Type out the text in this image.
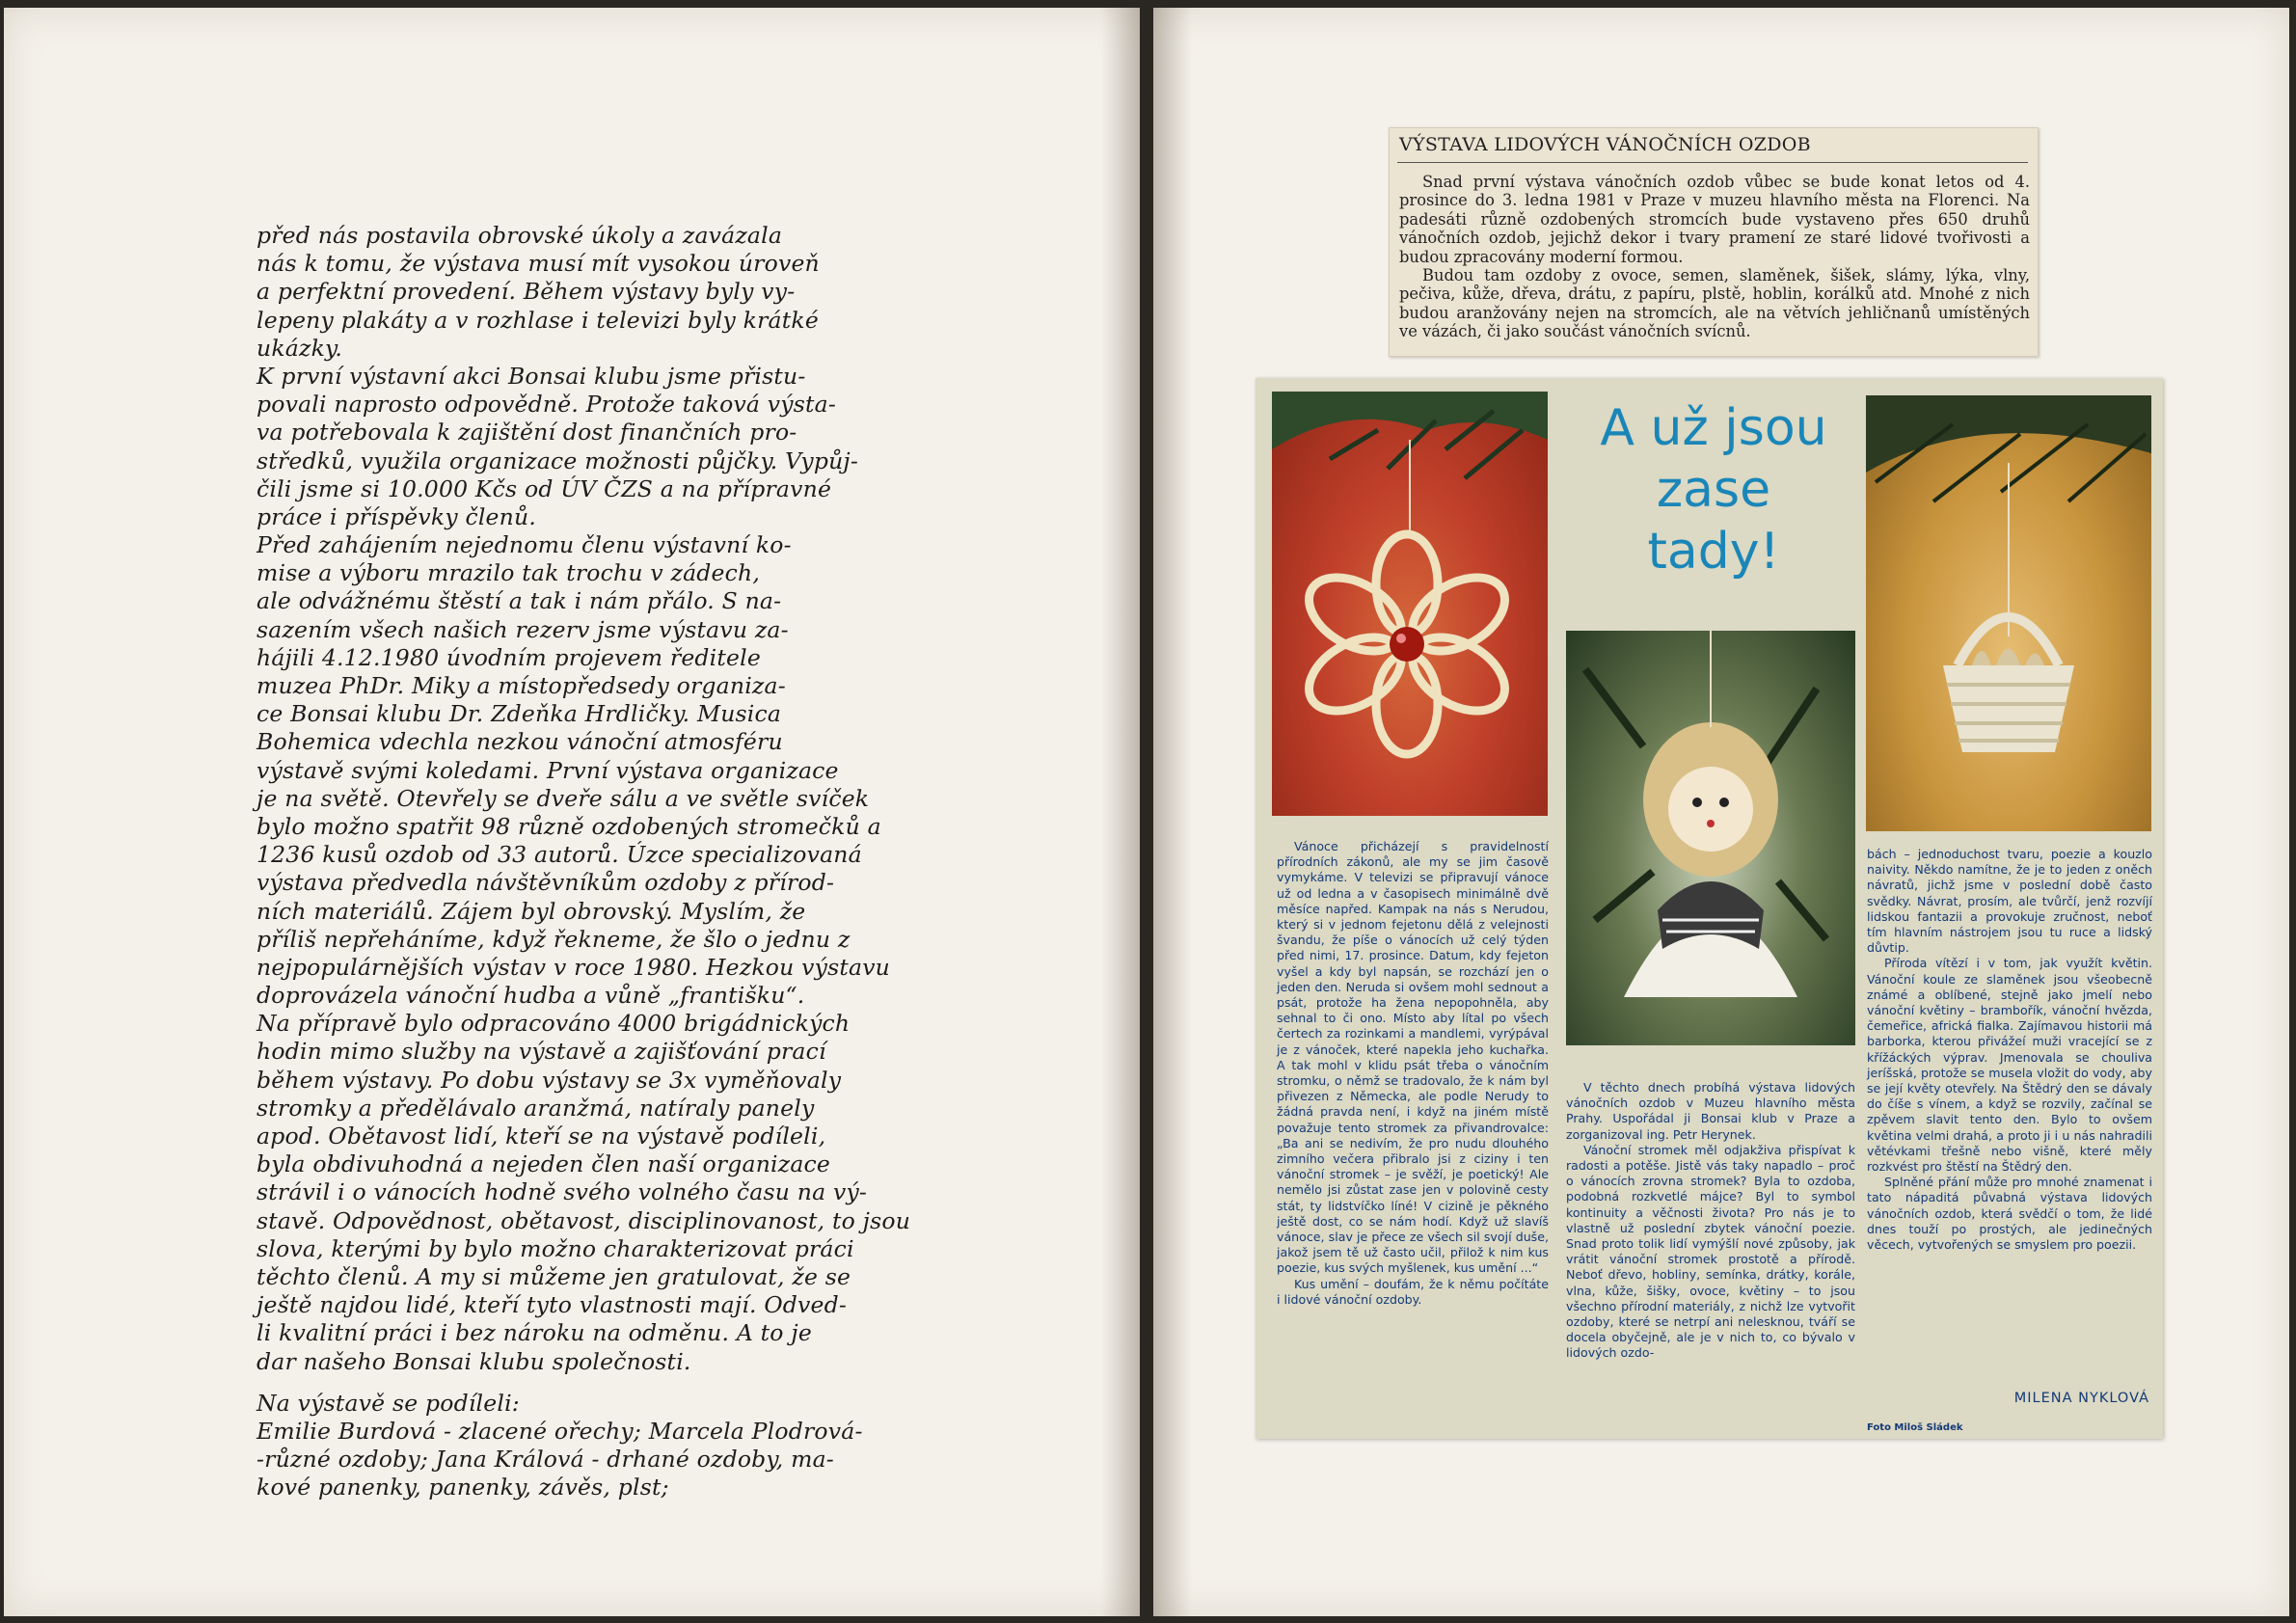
před nás postavila obrovské úkoly a zavázala
nás k tomu, že výstava musí mít vysokou úroveň
a perfektní provedení. Během výstavy byly vy-
lepeny plakáty a v rozhlase i televizi byly krátké
ukázky.
K první výstavní akci Bonsai klubu jsme přistu-
povali naprosto odpovědně. Protože taková výsta-
va potřebovala k zajištění dost finančních pro-
středků, využila organizace možnosti půjčky. Vypůj-
čili jsme si 10.000 Kčs od ÚV ČZS a na přípravné
práce i příspěvky členů.
Před zahájením nejednomu členu výstavní ko-
mise a výboru mrazilo tak trochu v zádech,
ale odvážnému štěstí a tak i nám přálo. S na-
sazením všech našich rezerv jsme výstavu za-
hájili 4.12.1980 úvodním projevem ředitele
muzea PhDr. Miky a místopředsedy organiza-
ce Bonsai klubu Dr. Zdeňka Hrdličky. Musica
Bohemica vdechla nezkou vánoční atmosféru
výstavě svými koledami. První výstava organizace
je na světě. Otevřely se dveře sálu a ve světle svíček
bylo možno spatřit 98 různě ozdobených stromečků a
1236 kusů ozdob od 33 autorů. Úzce specializovaná
výstava předvedla návštěvníkům ozdoby z přírod-
ních materiálů. Zájem byl obrovský. Myslím, že
příliš nepřeháníme, když řekneme, že šlo o jednu z
nejpopulárnějších výstav v roce 1980. Hezkou výstavu
doprovázela vánoční hudba a vůně „františku“.
Na přípravě bylo odpracováno 4000 brigádnických
hodin mimo služby na výstavě a zajišťování prací
během výstavy. Po dobu výstavy se 3x vyměňovaly
stromky a předělávalo aranžmá, natíraly panely
apod. Obětavost lidí, kteří se na výstavě podíleli,
byla obdivuhodná a nejeden člen naší organizace
strávil i o vánocích hodně svého volného času na vý-
stavě. Odpovědnost, obětavost, disciplinovanost, to jsou
slova, kterými by bylo možno charakterizovat práci
těchto členů. A my si můžeme jen gratulovat, že se
ještě najdou lidé, kteří tyto vlastnosti mají. Odved-
li kvalitní práci i bez nároku na odměnu. A to je
dar našeho Bonsai klubu společnosti.
Na výstavě se podíleli:
Emilie Burdová - zlacené ořechy; Marcela Plodrová-
-různé ozdoby; Jana Králová - drhané ozdoby, ma-
kové panenky, panenky, závěs, plst;
VÝSTAVA LIDOVÝCH VÁNOČNÍCH OZDOB

Snad první výstava vánočních ozdob vůbec se bude konat letos od 4. prosince do 3. ledna 1981 v Praze v muzeu hlavního města na Florenci. Na padesáti různě ozdobených stromcích bude vystaveno přes 650 druhů vánočních ozdob, jejichž dekor i tvary pramení ze staré lidové tvořivosti a budou zpracovány moderní formou.

Budou tam ozdoby z ovoce, semen, slaměnek, šišek, slámy, lýka, vlny, pečiva, kůže, dřeva, drátu, z papíru, plstě, hoblin, korálků atd. Mnohé z nich budou aranžovány nejen na stromcích, ale na větvích jehličnanů umístěných ve vázách, či jako součást vánočních svícnů.

A už jsou
zase
tady!

Vánoce přicházejí s pravidelností přírodních zákonů, ale my se jim časově vymykáme. V televizi se připravují vánoce už od ledna a v časopisech minimálně dvě měsíce napřed. Kampak na nás s Nerudou, který si v jednom fejetonu dělá z velejnosti švandu, že píše o vánocích už celý týden před nimi, 17. prosince. Datum, kdy fejeton vyšel a kdy byl napsán, se rozchází jen o jeden den. Neruda si ovšem mohl sednout a psát, protože ha žena nepopohněla, aby sehnal to či ono. Místo aby lítal po všech čertech za rozinkami a mandlemi, vyrýpával je z vánoček, které napekla jeho kuchařka. A tak mohl v klidu psát třeba o vánočním stromku, o němž se tradovalo, že k nám byl přivezen z Německa, ale podle Nerudy to žádná pravda není, i když na jiném místě považuje tento stromek za přivandrovalce: „Ba ani se nedivím, že pro nudu dlouhého zimního večera přibralo jsi z ciziny i ten vánoční stromek – je svěží, je poetický! Ale nemělo jsi zůstat zase jen v polovině cesty stát, ty lidstvíčko líné! V cizině je pěkného ještě dost, co se nám hodí. Když už slavíš vánoce, slav je přece ze všech sil svojí duše, jakož jsem tě už často učil, přilož k nim kus poezie, kus svých myšlenek, kus umění ...“

Kus umění – doufám, že k němu počítáte i lidové vánoční ozdoby.

V těchto dnech probíhá výstava lidových vánočních ozdob v Muzeu hlavního města Prahy. Uspořádal ji Bonsai klub v Praze a zorganizoval ing. Petr Herynek.

Vánoční stromek měl odjakživa přispívat k radosti a potěše. Jistě vás taky napadlo – proč o vánocích zrovna stromek? Byla to ozdoba, podobná rozkvetlé májce? Byl to symbol kontinuity a věčnosti života? Pro nás je to vlastně už poslední zbytek vánoční poezie. Snad proto tolik lidí vymýšlí nové způsoby, jak vrátit vánoční stromek prostotě a přírodě. Neboť dřevo, hobliny, semínka, drátky, korále, vlna, kůže, šišky, ovoce, květiny – to jsou všechno přírodní materiály, z nichž lze vytvořit ozdoby, které se netrpí ani nelesknou, tváří se docela obyčejně, ale je v nich to, co bývalo v lidových ozdo-

bách – jednoduchost tvaru, poezie a kouzlo naivity. Někdo namítne, že je to jeden z oněch návratů, jichž jsme v poslední době často svědky. Návrat, prosím, ale tvůrčí, jenž rozvíjí lidskou fantazii a provokuje zručnost, neboť tím hlavním nástrojem jsou tu ruce a lidský důvtip.

Příroda vítězí i v tom, jak využít květin. Vánoční koule ze slaměnek jsou všeobecně známé a oblíbené, stejně jako jmelí nebo vánoční květiny – brambořík, vánoční hvězda, čemeřice, africká fialka. Zajímavou historii má barborka, kterou přivážeí muži vracející se z křížáckých výprav. Jmenovala se chouliva jeríšská, protože se musela vložit do vody, aby se její květy otevřely. Na Štědrý den se dávaly do číše s vínem, a když se rozvily, začínal se zpěvem slavit tento den. Bylo to ovšem květina velmi drahá, a proto ji i u nás nahradili větévkami třešně nebo višně, které měly rozkvést pro štěstí na Štědrý den.

Splněné přání může pro mnohé znamenat i tato nápaditá půvabná výstava lidových vánočních ozdob, která svědčí o tom, že lidé dnes touží po prostých, ale jedinečných věcech, vytvořených se smyslem pro poezii.

MILENA NYKLOVÁ
Foto Miloš Sládek
